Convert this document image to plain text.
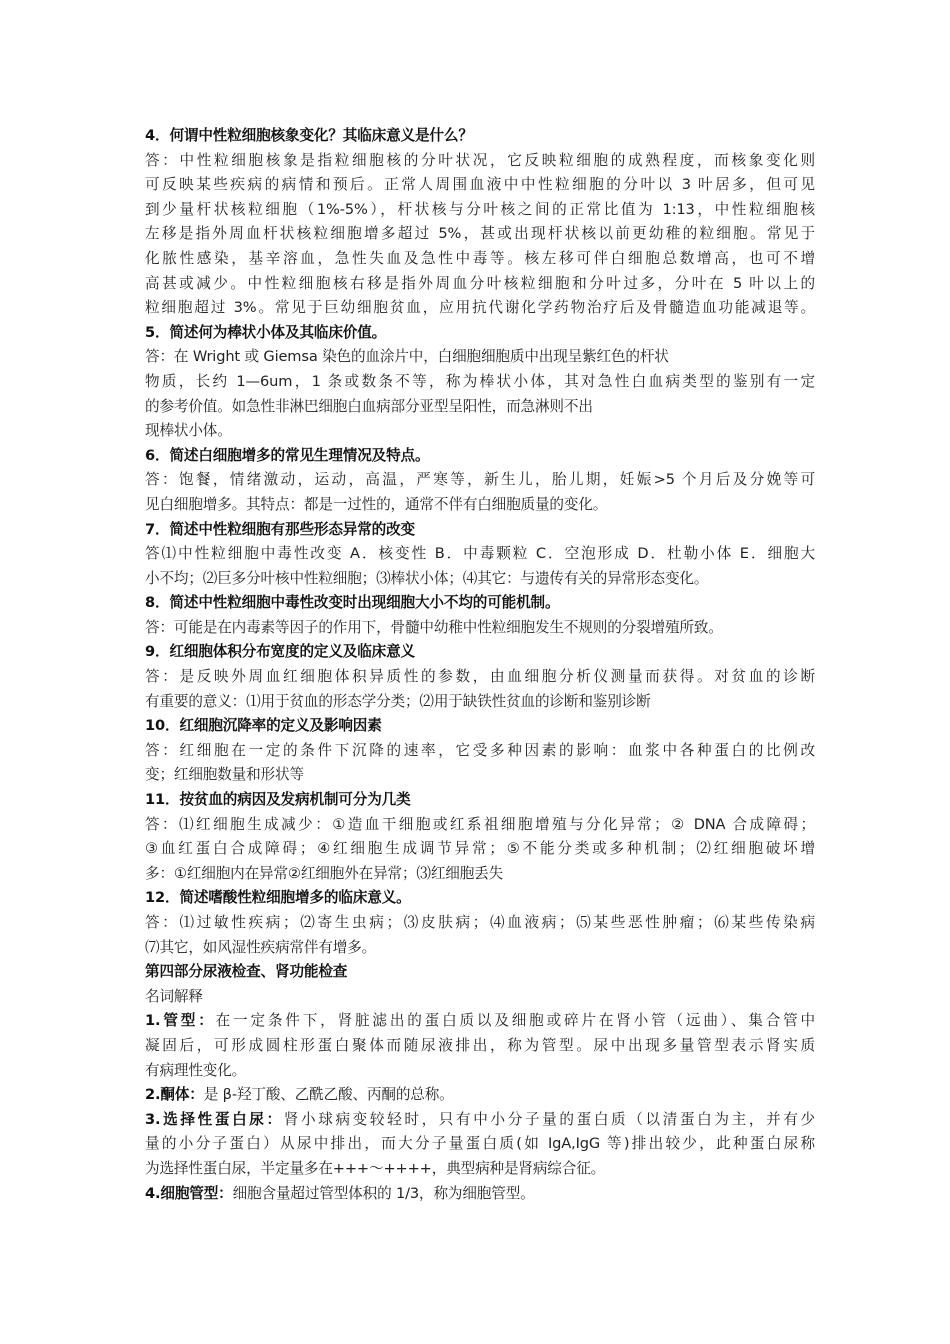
4．何谓中性粒细胞核象变化？其临床意义是什么？
答：中性粒细胞核象是指粒细胞核的分叶状况，它反映粒细胞的成熟程度，而核象变化则
可反映某些疾病的病情和预后。正常人周围血液中中性粒细胞的分叶以 3 叶居多，但可见
到少量杆状核粒细胞（1%-5%），杆状核与分叶核之间的正常比值为 1:13，中性粒细胞核
左移是指外周血杆状核粒细胞增多超过 5%，甚或出现杆状核以前更幼稚的粒细胞。常见于
化脓性感染，基辛溶血，急性失血及急性中毒等。核左移可伴白细胞总数增高，也可不增
高甚或减少。中性粒细胞核右移是指外周血分叶核粒细胞和分叶过多，分叶在 5 叶以上的
粒细胞超过 3%。常见于巨幼细胞贫血，应用抗代谢化学药物治疗后及骨髓造血功能减退等。
5．简述何为棒状小体及其临床价值。
答：在 Wright 或 Giemsa 染色的血涂片中，白细胞细胞质中出现呈紫红色的杆状
物质，长约 1—6um，1 条或数条不等，称为棒状小体，其对急性白血病类型的鉴别有一定
的参考价值。如急性非淋巴细胞白血病部分亚型呈阳性，而急淋则不出
现棒状小体。
6．简述白细胞增多的常见生理情况及特点。
答：饱餐，情绪激动，运动，高温，严寒等，新生儿，胎儿期，妊娠>5 个月后及分娩等可
见白细胞增多。其特点：都是一过性的，通常不伴有白细胞质量的变化。
7．简述中性粒细胞有那些形态异常的改变
答⑴中性粒细胞中毒性改变 A．核变性 B．中毒颗粒 C．空泡形成 D．杜勒小体 E．细胞大
小不均；⑵巨多分叶核中性粒细胞；⑶棒状小体；⑷其它：与遗传有关的异常形态变化。
8．简述中性粒细胞中毒性改变时出现细胞大小不均的可能机制。
答：可能是在内毒素等因子的作用下，骨髓中幼稚中性粒细胞发生不规则的分裂增殖所致。
9．红细胞体积分布宽度的定义及临床意义
答：是反映外周血红细胞体积异质性的参数，由血细胞分析仪测量而获得。对贫血的诊断
有重要的意义：⑴用于贫血的形态学分类；⑵用于缺铁性贫血的诊断和鉴别诊断
10．红细胞沉降率的定义及影响因素
答：红细胞在一定的条件下沉降的速率，它受多种因素的影响：血浆中各种蛋白的比例改
变；红细胞数量和形状等
11．按贫血的病因及发病机制可分为几类
答：⑴红细胞生成减少：①造血干细胞或红系祖细胞增殖与分化异常；② DNA 合成障碍；
③血红蛋白合成障碍；④红细胞生成调节异常；⑤不能分类或多种机制；⑵红细胞破坏增
多：①红细胞内在异常②红细胞外在异常；⑶红细胞丢失
12．简述嗜酸性粒细胞增多的临床意义。
答：⑴过敏性疾病；⑵寄生虫病；⑶皮肤病；⑷血液病；⑸某些恶性肿瘤；⑹某些传染病
⑺其它，如风湿性疾病常伴有增多。
第四部分尿液检查、肾功能检查
名词解释
1.管型：在一定条件下，肾脏滤出的蛋白质以及细胞或碎片在肾小管（远曲）、集合管中
凝固后，可形成圆柱形蛋白聚体而随尿液排出，称为管型。尿中出现多量管型表示肾实质
有病理性变化。
2.酮体：是 β-羟丁酸、乙酰乙酸、丙酮的总称。
3.选择性蛋白尿：肾小球病变较轻时，只有中小分子量的蛋白质（以清蛋白为主，并有少
量的小分子蛋白）从尿中排出，而大分子量蛋白质(如 IgA,IgG 等)排出较少，此种蛋白尿称
为选择性蛋白尿，半定量多在+++～++++，典型病种是肾病综合征。
4.细胞管型：细胞含量超过管型体积的 1/3，称为细胞管型。
